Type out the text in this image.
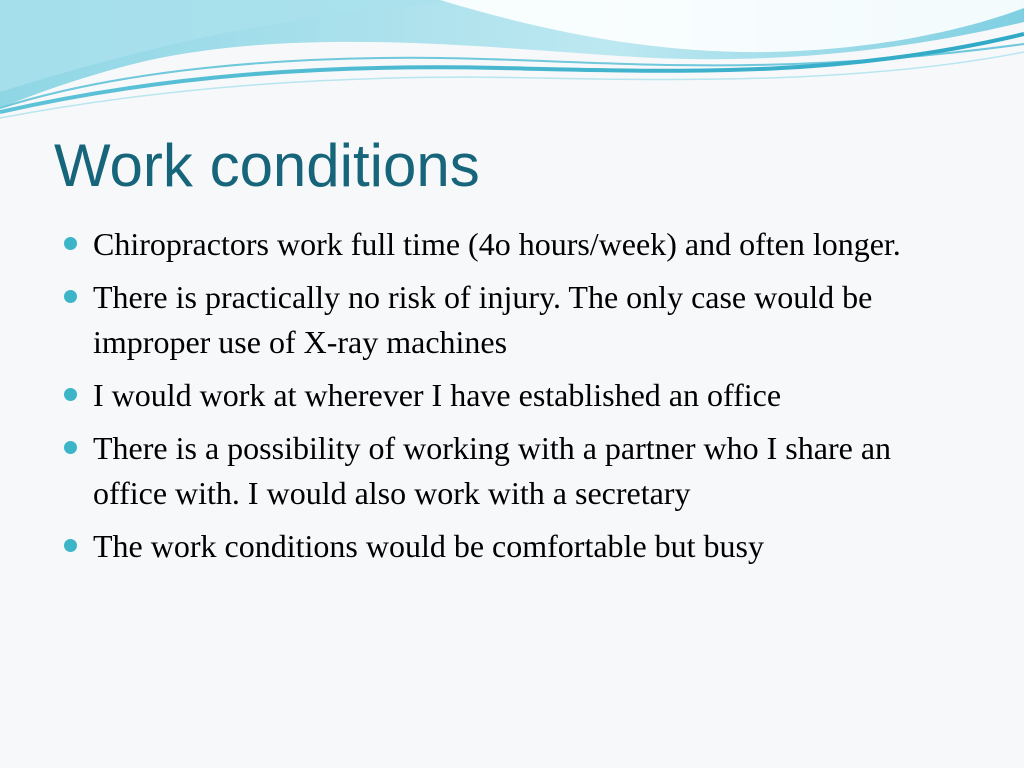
Work conditions
Chiropractors work full time (4o hours/week) and often longer.
There is practically no risk of injury. The only case would be improper use of X-ray machines
I would work at wherever I have established an office
There is a possibility of working with a partner who I share an office with. I would also work with a secretary
The work conditions would be comfortable but busy
